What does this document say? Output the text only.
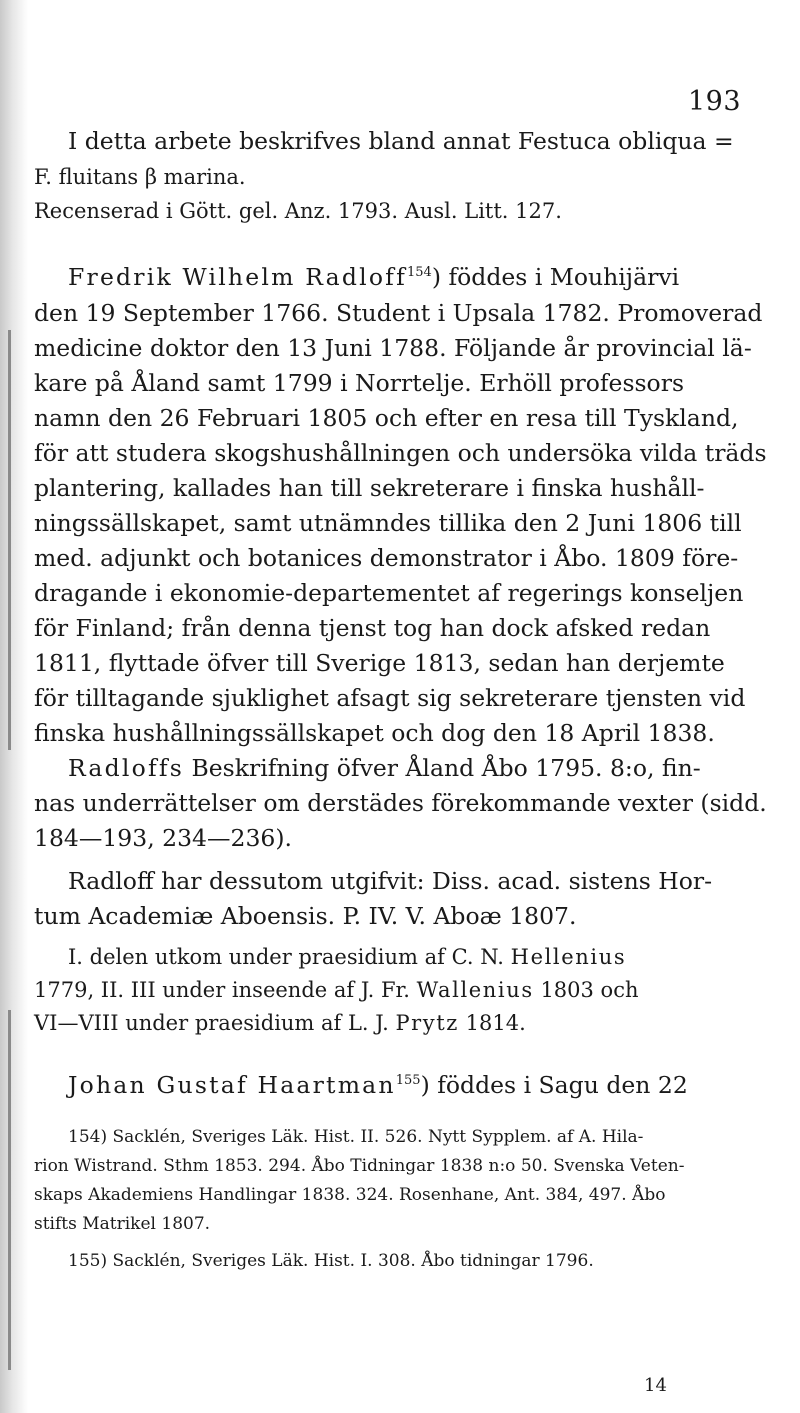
193
I detta arbete beskrifves bland annat Festuca obliqua =
F. fluitans β marina.
Recenserad i Gött. gel. Anz. 1793. Ausl. Litt. 127.
Fredrik Wilhelm Radloff$^{154}$) föddes i Mouhijärvi
den 19 September 1766. Student i Upsala 1782. Promoverad
medicine doktor den 13 Juni 1788. Följande år provincial lä-
kare på Åland samt 1799 i Norrtelje. Erhöll professors
namn den 26 Februari 1805 och efter en resa till Tyskland,
för att studera skogshushållningen och undersöka vilda träds
plantering, kallades han till sekreterare i finska hushåll-
ningssällskapet, samt utnämndes tillika den 2 Juni 1806 till
med. adjunkt och botanices demonstrator i Åbo. 1809 före-
dragande i ekonomie-departementet af regerings konseljen
för Finland; från denna tjenst tog han dock afsked redan
1811, flyttade öfver till Sverige 1813, sedan han derjemte
för tilltagande sjuklighet afsagt sig sekreterare tjensten vid
finska hushållningssällskapet och dog den 18 April 1838.
Radloffs Beskrifning öfver Åland Åbo 1795. 8:o, fin-
nas underrättelser om derstädes förekommande vexter (sidd.
184—193, 234—236).
Radloff har dessutom utgifvit: Diss. acad. sistens Hor-
tum Academiæ Aboensis. P. IV. V. Aboæ 1807.
I. delen utkom under praesidium af C. N. Hellenius
1779, II. III under inseende af J. Fr. Wallenius 1803 och
VI—VIII under praesidium af L. J. Prytz 1814.
Johan Gustaf Haartman$^{155}$) föddes i Sagu den 22
154) Sacklén, Sveriges Läk. Hist. II. 526. Nytt Sypplem. af A. Hila-
rion Wistrand. Sthm 1853. 294. Åbo Tidningar 1838 n:o 50. Svenska Veten-
skaps Akademiens Handlingar 1838. 324. Rosenhane, Ant. 384, 497. Åbo
stifts Matrikel 1807.
155) Sacklén, Sveriges Läk. Hist. I. 308. Åbo tidningar 1796.
14
